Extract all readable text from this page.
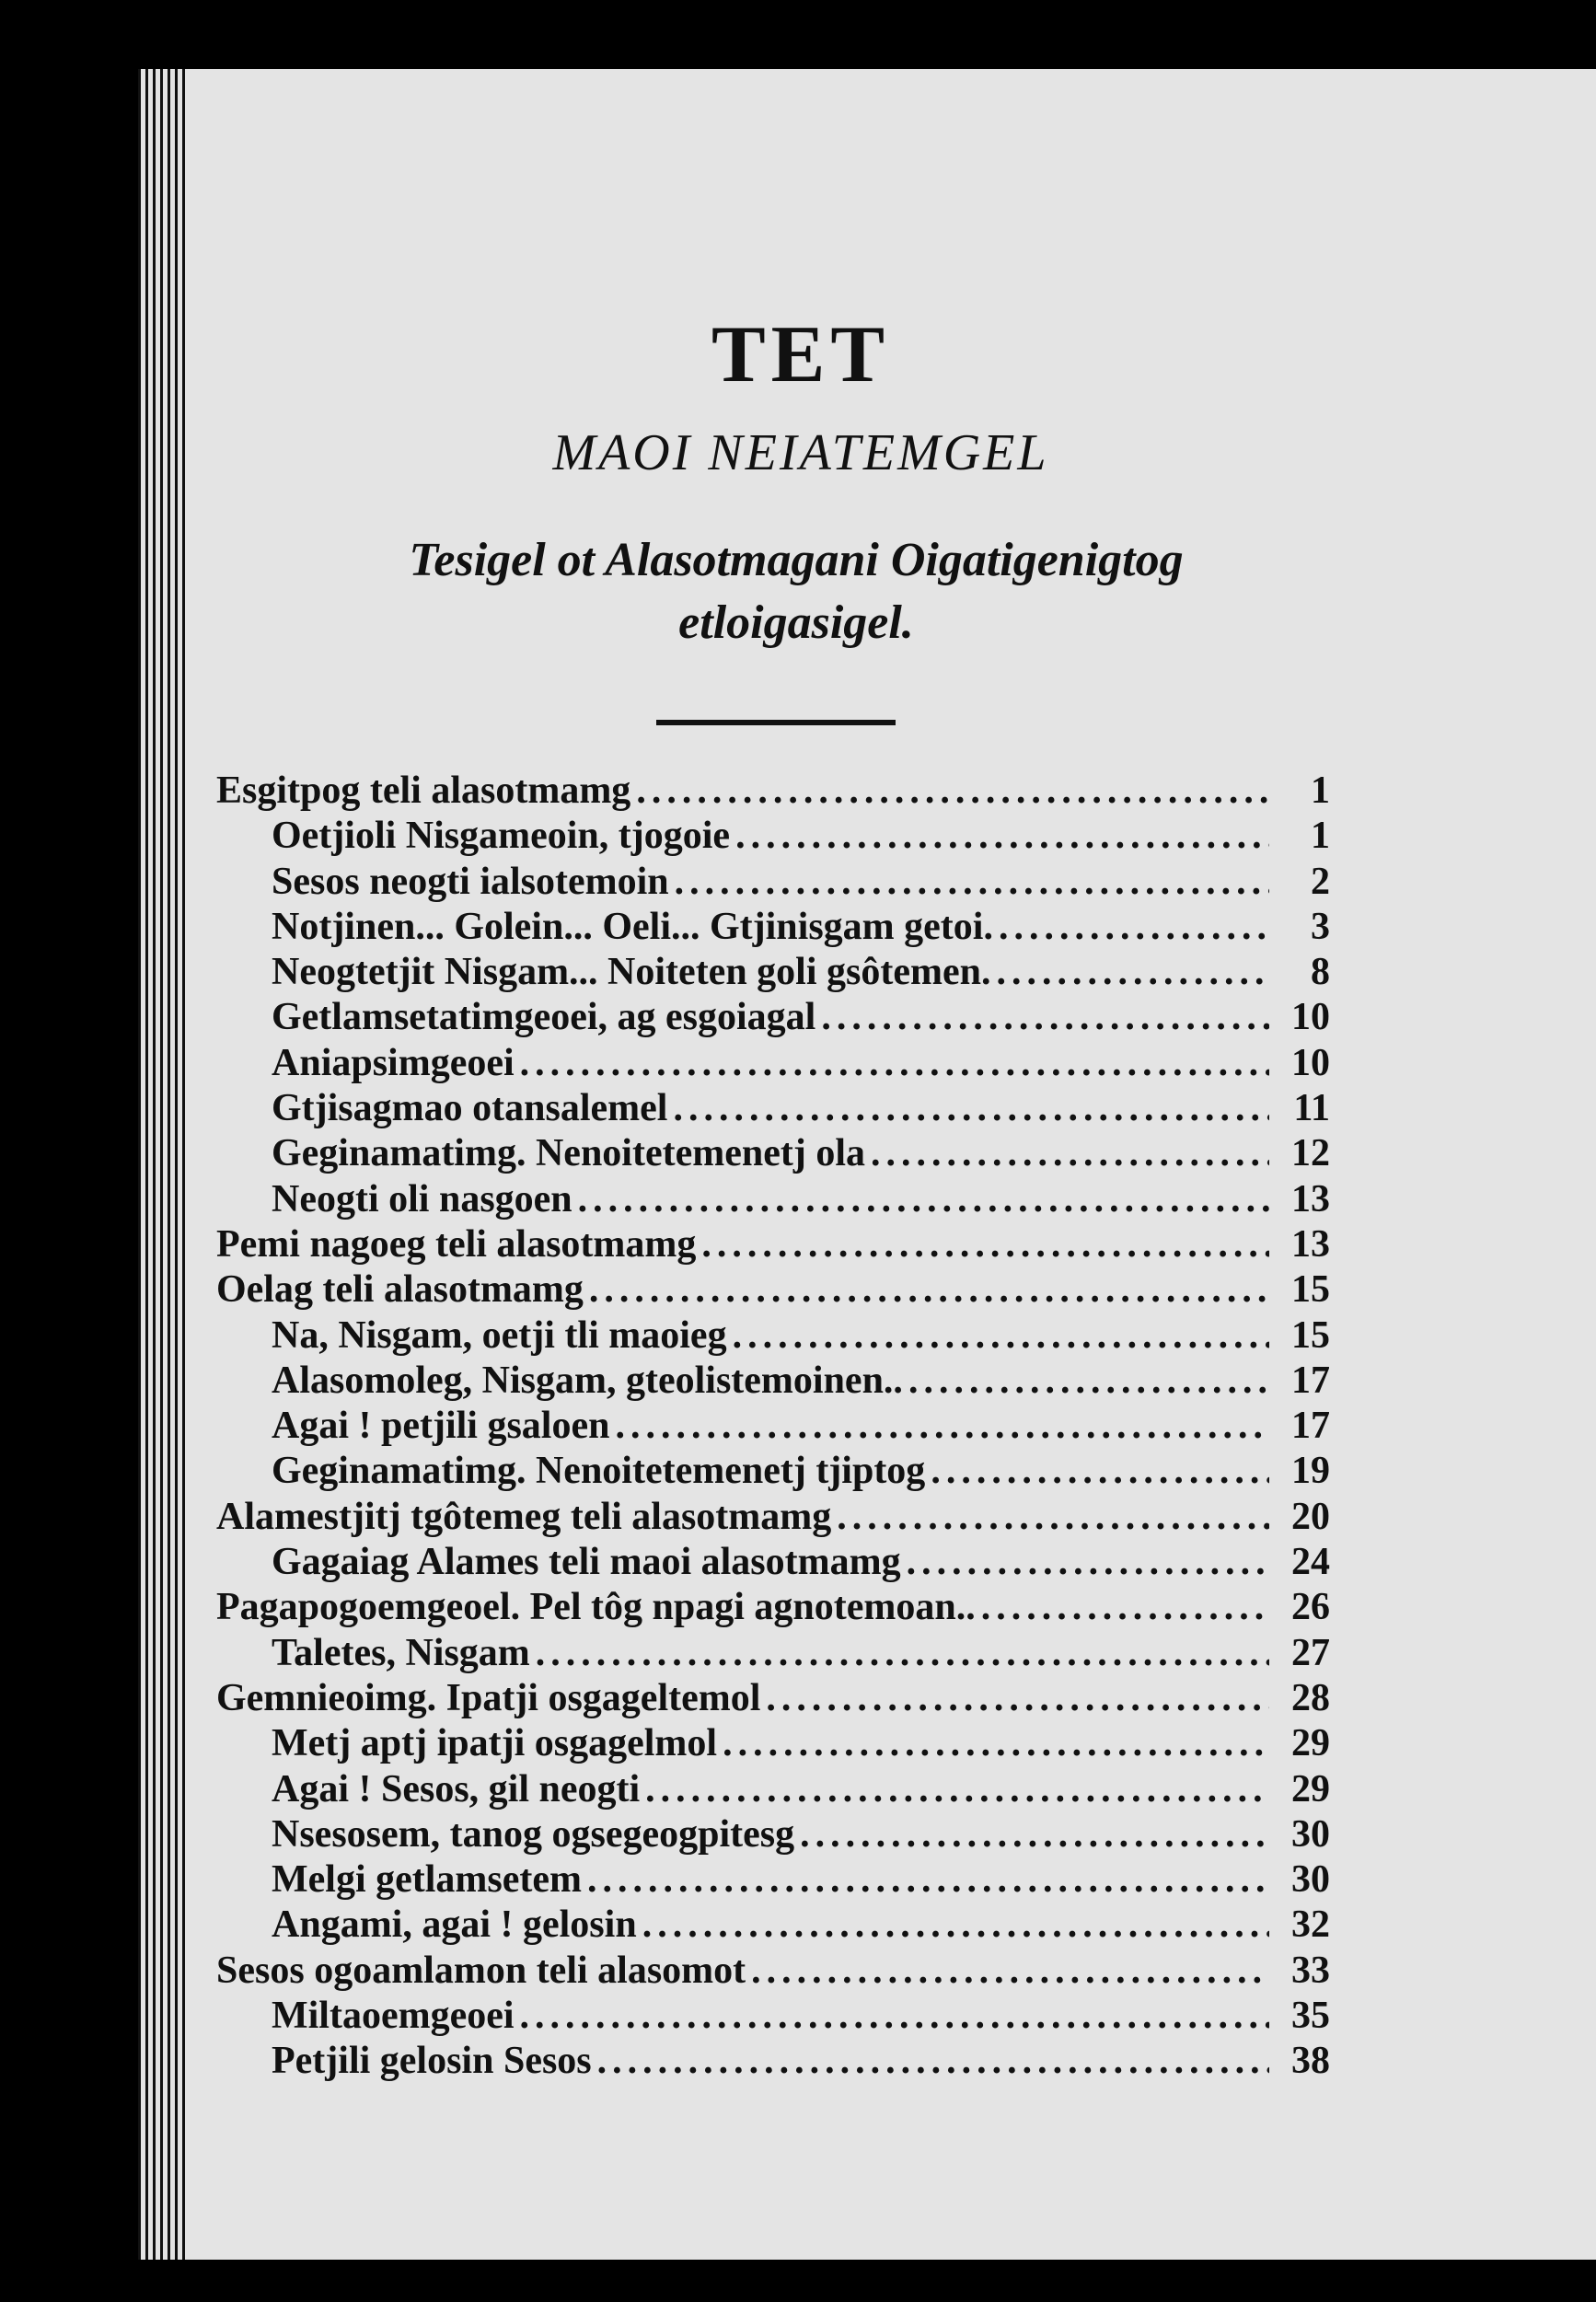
TET
MAOI NEIATEMGEL
Tesigel ot Alasotmagani Oigatigenigtog etloigasigel.
Esgitpog teli alasotmamg .....	1
Oetjioli Nisgameoin, tjogoie .....	1
Sesos neogti ialsotemoin .....	2
Notjinen... Golein... Oeli... Gtjinisgam getoi. .....	3
Neogtetjit Nisgam... Noiteten goli gsôtemen. .....	8
Getlamsetatimgeoei, ag esgoiagal .....	10
Aniapsimgeoei .....	10
Gtjisagmao otansalemel .....	11
Geginamatimg. Nenoitetemenetj ola .....	12
Neogti oli nasgoen .....	13
Pemi nagoeg teli alasotmamg .....	13
Oelag teli alasotmamg .....	15
Na, Nisgam, oetji tli maoieg .....	15
Alasomoleg, Nisgam, gteolistemoinen.. .....	17
Agai ! petjili gsaloen .....	17
Geginamatimg. Nenoitetemenetj tjiptog .....	19
Alamestjitj tgôtemeg teli alasotmamg .....	20
Gagaiag Alames teli maoi alasotmamg .....	24
Pagapogoemgeoel. Pel tôg npagi agnotemoan.. .....	26
Taletes, Nisgam .....	27
Gemnieoimg. Ipatji osgageltemol .....	28
Metj aptj ipatji osgagelmol .....	29
Agai ! Sesos, gil neogti .....	29
Nsesosem, tanog ogsegeogpitesg .....	30
Melgi getlamsetem .....	30
Angami, agai ! gelosin .....	32
Sesos ogoamlamon teli alasomot .....	33
Miltaoemgeoei .....	35
Petjili gelosin Sesos .....	38
